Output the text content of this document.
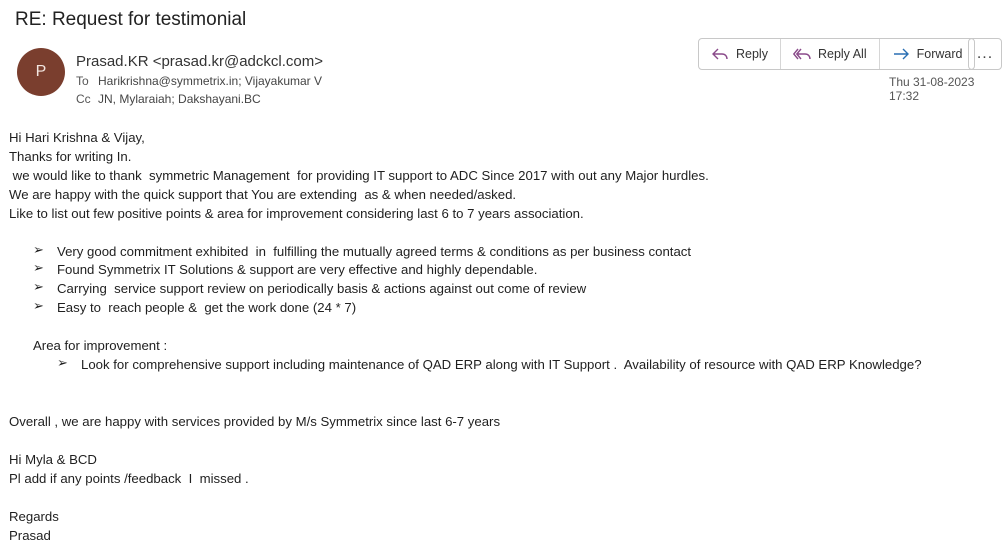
RE: Request for testimonial
P
Prasad.KR <prasad.kr@adckcl.com>
To Harikrishna@symmetrix.in; Vijayakumar V
Cc JN, Mylaraiah; Dakshayani.BC
Reply	Reply All	Forward ...
Thu 31-08-2023 17:32
Hi Hari Krishna & Vijay,
Thanks for writing In.
we would like to thank  symmetric Management  for providing IT support to ADC Since 2017 with out any Major hurdles.
We are happy with the quick support that You are extending  as & when needed/asked.
Like to list out few positive points & area for improvement considering last 6 to 7 years association.
➢ Very good commitment exhibited  in  fulfilling the mutually agreed terms & conditions as per business contact
➢ Found Symmetrix IT Solutions & support are very effective and highly dependable.
➢ Carrying  service support review on periodically basis & actions against out come of review
➢ Easy to  reach people &  get the work done (24 * 7)
Area for improvement :
➢ Look for comprehensive support including maintenance of QAD ERP along with IT Support .  Availability of resource with QAD ERP Knowledge?
Overall , we are happy with services provided by M/s Symmetrix since last 6-7 years
Hi Myla & BCD
Pl add if any points /feedback  I  missed .
Regards
Prasad
